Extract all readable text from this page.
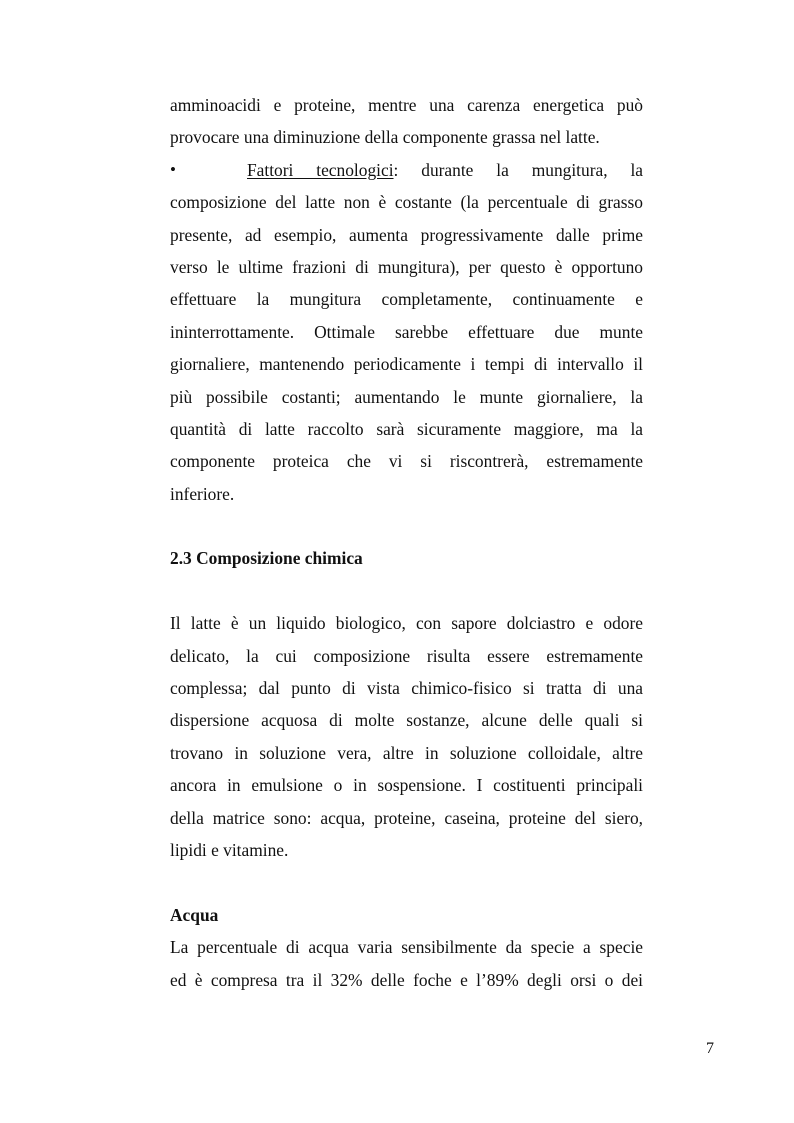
amminoacidi e proteine, mentre una carenza energetica può
provocare una diminuzione della componente grassa nel latte.
•	Fattori tecnologici: durante la mungitura, la
composizione del latte non è costante (la percentuale di grasso
presente, ad esempio, aumenta progressivamente dalle prime
verso le ultime frazioni di mungitura), per questo è opportuno
effettuare la mungitura completamente, continuamente e
ininterrottamente. Ottimale sarebbe effettuare due munte
giornaliere, mantenendo periodicamente i tempi di intervallo il
più possibile costanti; aumentando le munte giornaliere, la
quantità di latte raccolto sarà sicuramente maggiore, ma la
componente proteica che vi si riscontrerà, estremamente
inferiore.
2.3 Composizione chimica
Il latte è un liquido biologico, con sapore dolciastro e odore
delicato, la cui composizione risulta essere estremamente
complessa; dal punto di vista chimico-fisico si tratta di una
dispersione acquosa di molte sostanze, alcune delle quali si
trovano in soluzione vera, altre in soluzione colloidale, altre
ancora in emulsione o in sospensione. I costituenti principali
della matrice sono: acqua, proteine, caseina, proteine del siero,
lipidi e vitamine.
Acqua
La percentuale di acqua varia sensibilmente da specie a specie
ed è compresa tra il 32% delle foche e l’89% degli orsi o dei
7
